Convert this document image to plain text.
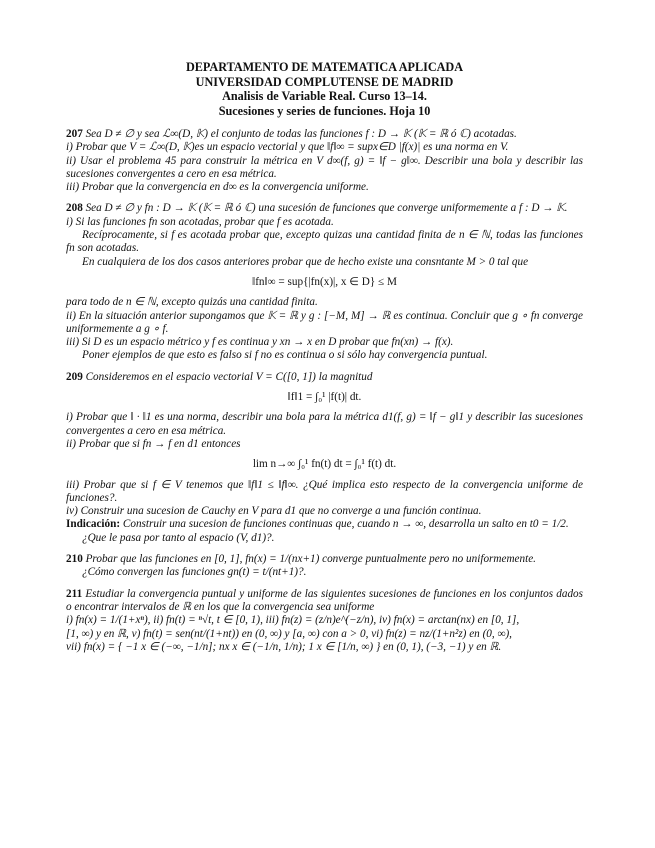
DEPARTAMENTO DE MATEMATICA APLICADA
UNIVERSIDAD COMPLUTENSE DE MADRID
Analisis de Variable Real. Curso 13–14.
Sucesiones y series de funciones. Hoja 10
207 Sea D ≠ ∅ y sea ℒ∞(D, 𝕂) el conjunto de todas las funciones f : D → 𝕂 (𝕂 = ℝ ó ℂ) acotadas.
i) Probar que V = ℒ∞(D, 𝕂)es un espacio vectorial y que ‖f‖∞ = supx∈D |f(x)| es una norma en V.
ii) Usar el problema 45 para construir la métrica en V d∞(f, g) = ‖f − g‖∞. Describir una bola y describir las sucesiones convergentes a cero en esa métrica.
iii) Probar que la convergencia en d∞ es la convergencia uniforme.
208 Sea D ≠ ∅ y fn : D → 𝕂 (𝕂 = ℝ ó ℂ) una sucesión de funciones que converge uniformemente a f : D → 𝕂.
i) Si las funciones fn son acotadas, probar que f es acotada.
Recíprocamente, si f es acotada probar que, excepto quizas una cantidad finita de n ∈ ℕ, todas las funciones fn son acotadas.
En cualquiera de los dos casos anteriores probar que de hecho existe una consntante M > 0 tal que
‖fn‖∞ = sup{|fn(x)|, x ∈ D} ≤ M
para todo de n ∈ ℕ, excepto quizás una cantidad finita.
ii) En la situación anterior supongamos que 𝕂 = ℝ y g : [−M, M] → ℝ es continua. Concluir que g ∘ fn converge uniformemente a g ∘ f.
iii) Si D es un espacio métrico y f es continua y xn → x en D probar que fn(xn) → f(x).
Poner ejemplos de que esto es falso si f no es continua o si sólo hay convergencia puntual.
209 Consideremos en el espacio vectorial V = C([0, 1]) la magnitud
‖f‖1 = ∫₀¹ |f(t)| dt.
i) Probar que ‖ · ‖1 es una norma, describir una bola para la métrica d1(f, g) = ‖f − g‖1 y describir las sucesiones convergentes a cero en esa métrica.
ii) Probar que si fn → f en d1 entonces
lim n→∞ ∫₀¹ fn(t) dt = ∫₀¹ f(t) dt.
iii) Probar que si f ∈ V tenemos que ‖f‖1 ≤ ‖f‖∞. ¿Qué implica esto respecto de la convergencia uniforme de funciones?.
iv) Construir una sucesion de Cauchy en V para d1 que no converge a una función continua.
Indicación: Construir una sucesion de funciones continuas que, cuando n → ∞, desarrolla un salto en t0 = 1/2.
¿Que le pasa por tanto al espacio (V, d1)?.
210 Probar que las funciones en [0, 1], fn(x) = 1/(nx+1) converge puntualmente pero no uniformemente.
¿Cómo convergen las funciones gn(t) = t/(nt+1)?.
211 Estudiar la convergencia puntual y uniforme de las siguientes sucesiones de funciones en los conjuntos dados o encontrar intervalos de ℝ en los que la convergencia sea uniforme
i) fn(x) = 1/(1+xⁿ), ii) fn(t) = ⁿ√t, t ∈ [0, 1), iii) fn(z) = (z/n)e^(−z/n), iv) fn(x) = arctan(nx) en [0, 1],
[1, ∞) y en ℝ, v) fn(t) = sen(nt/(1+nt)) en (0, ∞) y [a, ∞) con a > 0, vi) fn(z) = nz/(1+n²z) en (0, ∞),
vii) fn(x) = { −1 x ∈ (−∞, −1/n]; nx x ∈ (−1/n, 1/n); 1 x ∈ [1/n, ∞) } en (0, 1), (−3, −1) y en ℝ.
